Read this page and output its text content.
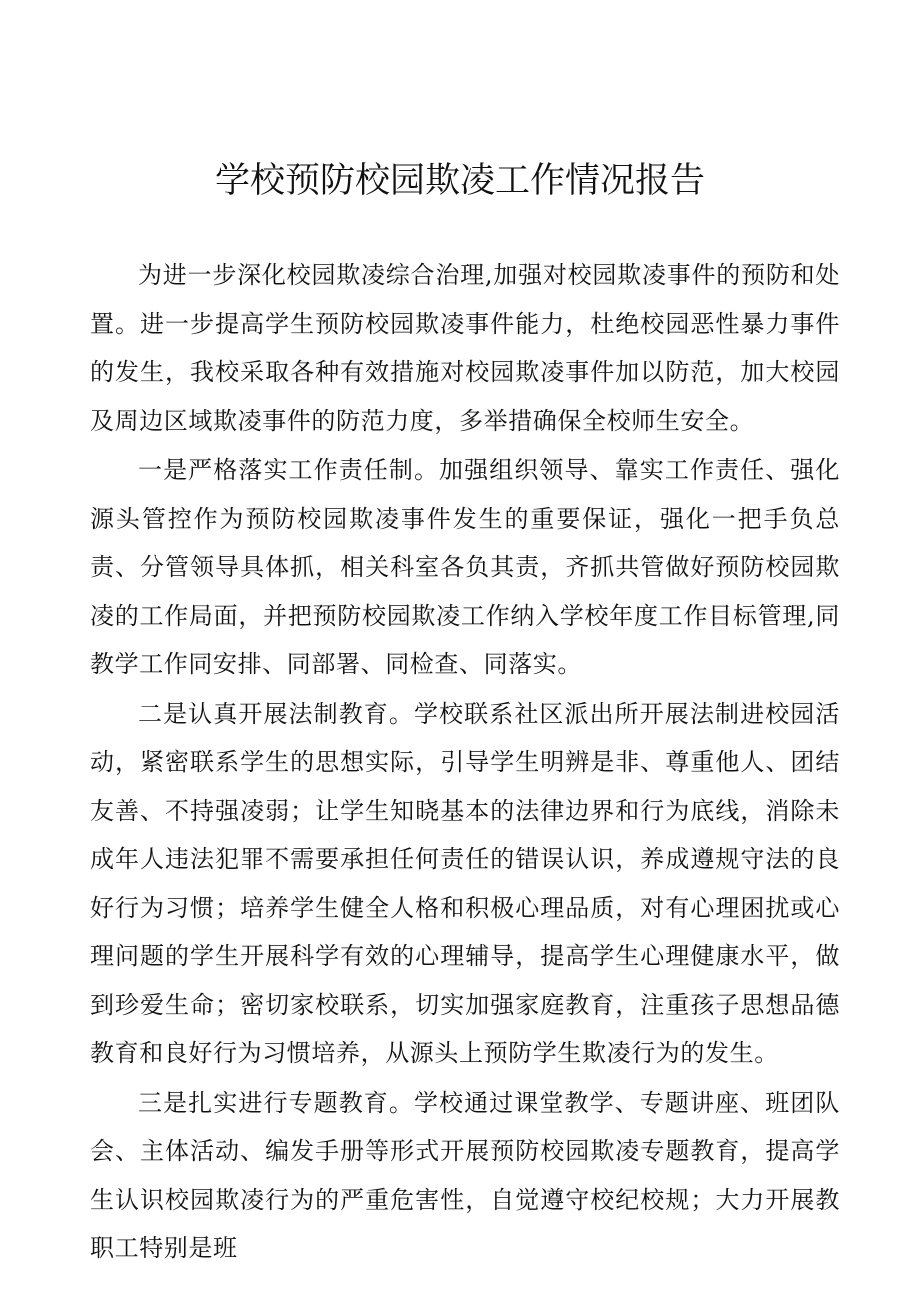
学校预防校园欺凌工作情况报告

为进一步深化校园欺凌综合治理,加强对校园欺凌事件的预防和处置。进一步提高学生预防校园欺凌事件能力，杜绝校园恶性暴力事件的发生，我校采取各种有效措施对校园欺凌事件加以防范，加大校园及周边区域欺凌事件的防范力度，多举措确保全校师生安全。

一是严格落实工作责任制。加强组织领导、靠实工作责任、强化源头管控作为预防校园欺凌事件发生的重要保证，强化一把手负总责、分管领导具体抓，相关科室各负其责，齐抓共管做好预防校园欺凌的工作局面，并把预防校园欺凌工作纳入学校年度工作目标管理,同教学工作同安排、同部署、同检查、同落实。

二是认真开展法制教育。学校联系社区派出所开展法制进校园活动，紧密联系学生的思想实际，引导学生明辨是非、尊重他人、团结友善、不持强凌弱；让学生知晓基本的法律边界和行为底线，消除未成年人违法犯罪不需要承担任何责任的错误认识，养成遵规守法的良好行为习惯；培养学生健全人格和积极心理品质，对有心理困扰或心理问题的学生开展科学有效的心理辅导，提高学生心理健康水平，做到珍爱生命；密切家校联系，切实加强家庭教育，注重孩子思想品德教育和良好行为习惯培养，从源头上预防学生欺凌行为的发生。

三是扎实进行专题教育。学校通过课堂教学、专题讲座、班团队会、主体活动、编发手册等形式开展预防校园欺凌专题教育，提高学生认识校园欺凌行为的严重危害性，自觉遵守校纪校规；大力开展教职工特别是班
